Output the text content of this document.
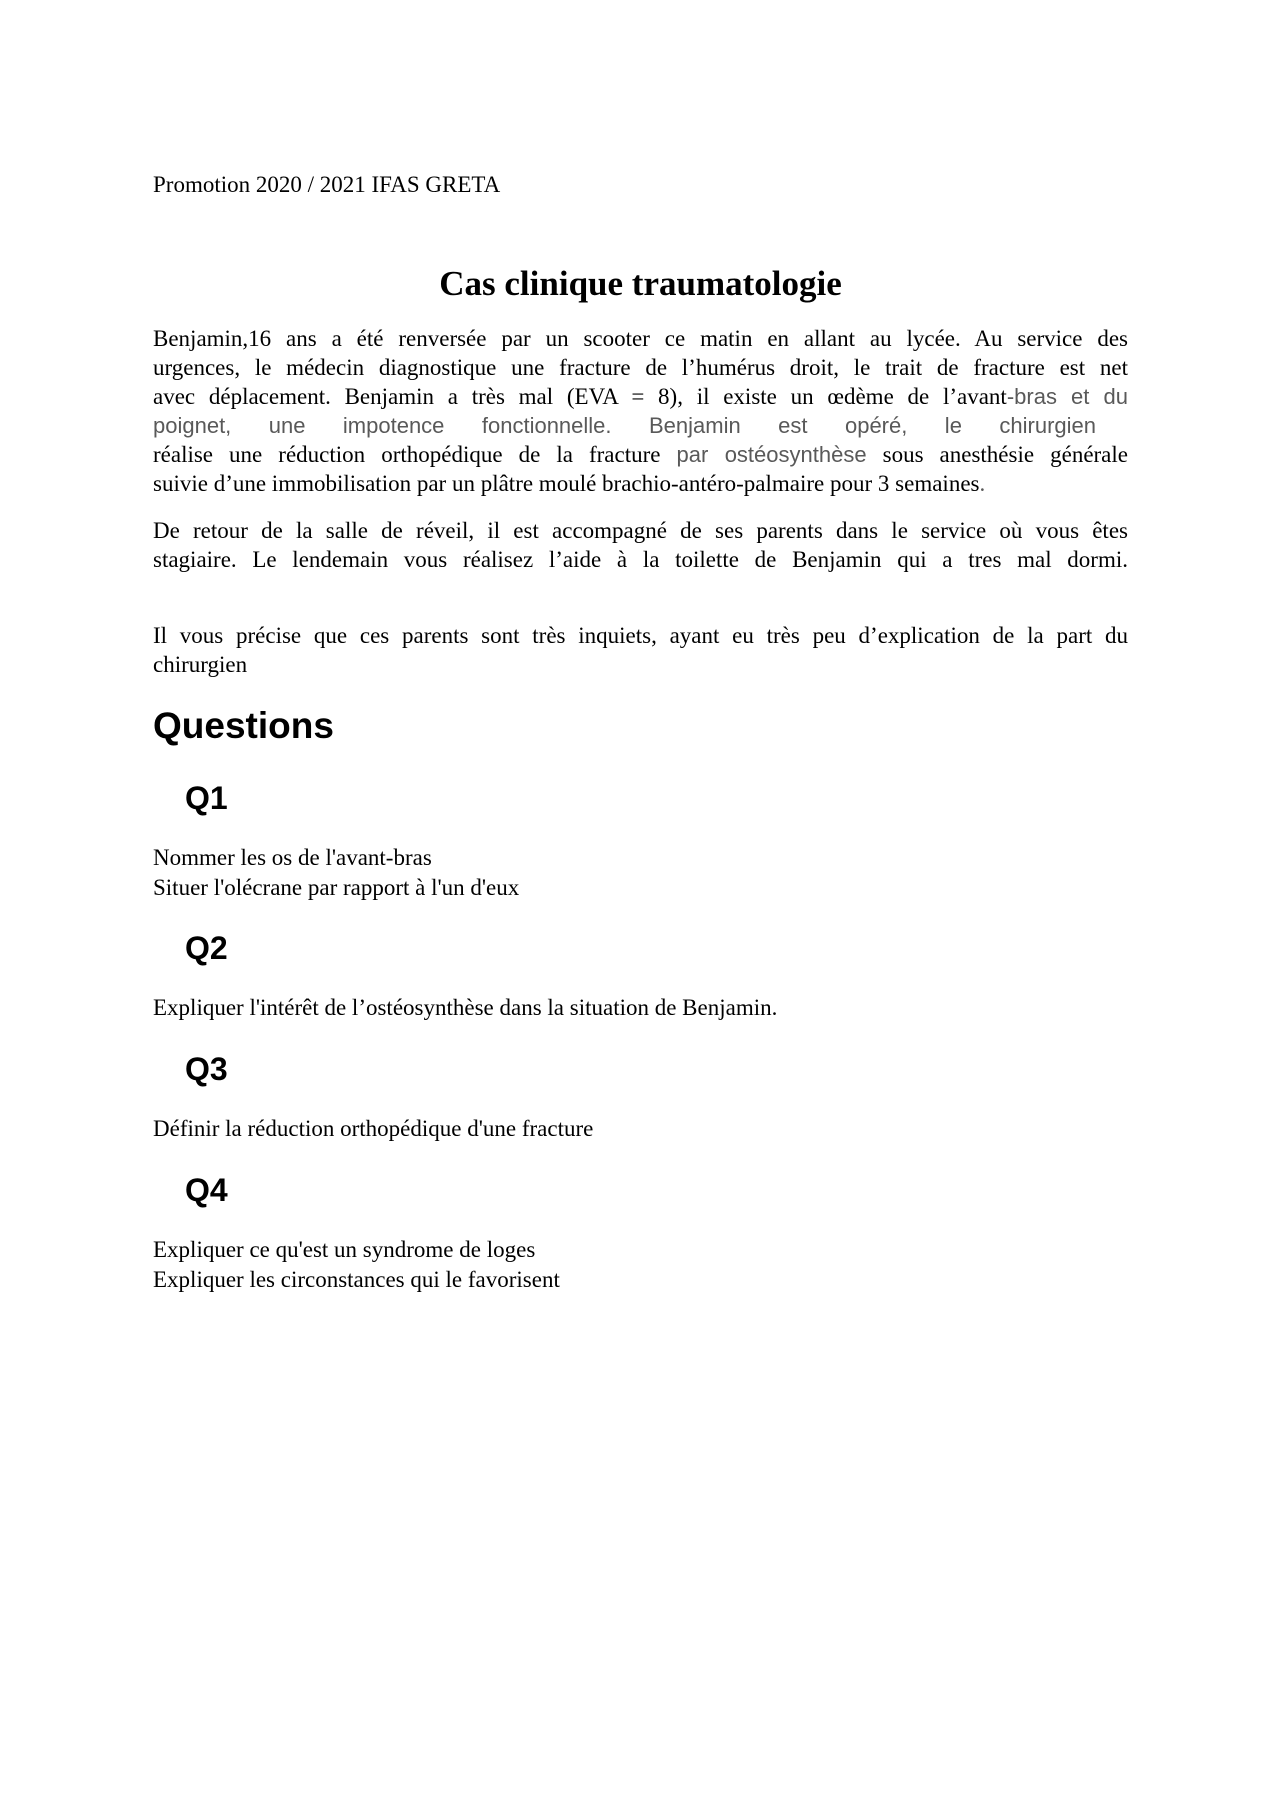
Promotion 2020 / 2021 IFAS GRETA

Cas clinique traumatologie
Benjamin,16 ans a été renversée par un scooter ce matin en allant au lycée. Au service des
urgences, le médecin diagnostique une fracture de l’humérus droit, le trait de fracture est net
avec déplacement. Benjamin a très mal (EVA = 8), il existe un œdème de l’avant-bras et du
poignet, une impotence fonctionnelle. Benjamin est opéré, le chirurgien
réalise une réduction orthopédique de la fracture par ostéosynthèse sous anesthésie générale
suivie d’une immobilisation par un plâtre moulé brachio-antéro-palmaire pour 3 semaines.
De retour de la salle de réveil, il est accompagné de ses parents dans le service où vous êtes
stagiaire. Le lendemain vous réalisez l’aide à la toilette de Benjamin qui a tres mal dormi.
Il vous précise que ces parents sont très inquiets, ayant eu très peu d’explication de la part du
chirurgien
Questions
Q1
Nommer les os de l'avant-bras
Situer l'olécrane par rapport à l'un d'eux
Q2
Expliquer l'intérêt de l’ostéosynthèse dans la situation de Benjamin.
Q3
Définir la réduction orthopédique d'une fracture
Q4
Expliquer ce qu'est un syndrome de loges
Expliquer les circonstances qui le favorisent
